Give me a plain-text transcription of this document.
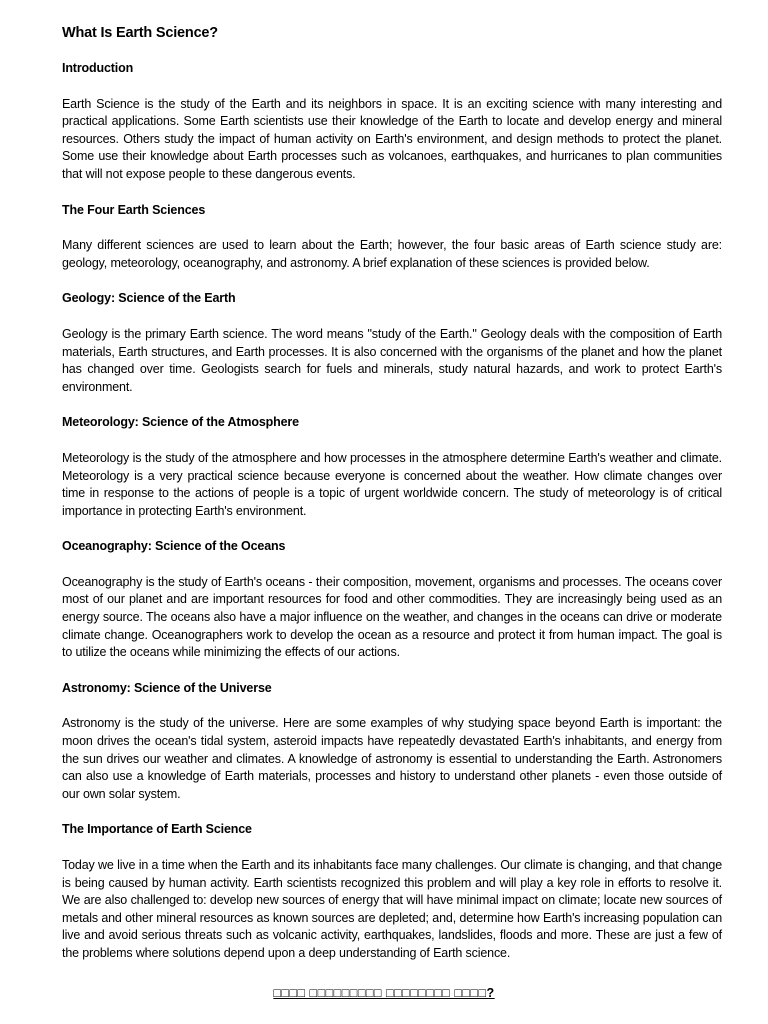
What Is Earth Science?
Introduction

Earth Science is the study of the Earth and its neighbors in space. It is an exciting science with many interesting and practical applications. Some Earth scientists use their knowledge of the Earth to locate and develop energy and mineral resources. Others study the impact of human activity on Earth's environment, and design methods to protect the planet. Some use their knowledge about Earth processes such as volcanoes, earthquakes, and hurricanes to plan communities that will not expose people to these dangerous events.

The Four Earth Sciences

Many different sciences are used to learn about the Earth; however, the four basic areas of Earth science study are: geology, meteorology, oceanography, and astronomy. A brief explanation of these sciences is provided below.

Geology: Science of the Earth

Geology is the primary Earth science. The word means "study of the Earth." Geology deals with the composition of Earth materials, Earth structures, and Earth processes. It is also concerned with the organisms of the planet and how the planet has changed over time. Geologists search for fuels and minerals, study natural hazards, and work to protect Earth's environment.

Meteorology: Science of the Atmosphere

Meteorology is the study of the atmosphere and how processes in the atmosphere determine Earth's weather and climate. Meteorology is a very practical science because everyone is concerned about the weather. How climate changes over time in response to the actions of people is a topic of urgent worldwide concern. The study of meteorology is of critical importance in protecting Earth's environment.

Oceanography: Science of the Oceans

Oceanography is the study of Earth's oceans - their composition, movement, organisms and processes. The oceans cover most of our planet and are important resources for food and other commodities. They are increasingly being used as an energy source. The oceans also have a major influence on the weather, and changes in the oceans can drive or moderate climate change. Oceanographers work to develop the ocean as a resource and protect it from human impact. The goal is to utilize the oceans while minimizing the effects of our actions.

Astronomy: Science of the Universe

Astronomy is the study of the universe. Here are some examples of why studying space beyond Earth is important: the moon drives the ocean's tidal system, asteroid impacts have repeatedly devastated Earth's inhabitants, and energy from the sun drives our weather and climates. A knowledge of astronomy is essential to understanding the Earth. Astronomers can also use a knowledge of Earth materials, processes and history to understand other planets - even those outside of our own solar system.

The Importance of Earth Science

Today we live in a time when the Earth and its inhabitants face many challenges. Our climate is changing, and that change is being caused by human activity. Earth scientists recognized this problem and will play a key role in efforts to resolve it. We are also challenged to: develop new sources of energy that will have minimal impact on climate; locate new sources of metals and other mineral resources as known sources are depleted; and, determine how Earth's increasing population can live and avoid serious threats such as volcanic activity, earthquakes, landslides, floods and more. These are just a few of the problems where solutions depend upon a deep understanding of Earth science.

□□□□ □□□□□□□□□ □□□□□□□□ □□□□?
